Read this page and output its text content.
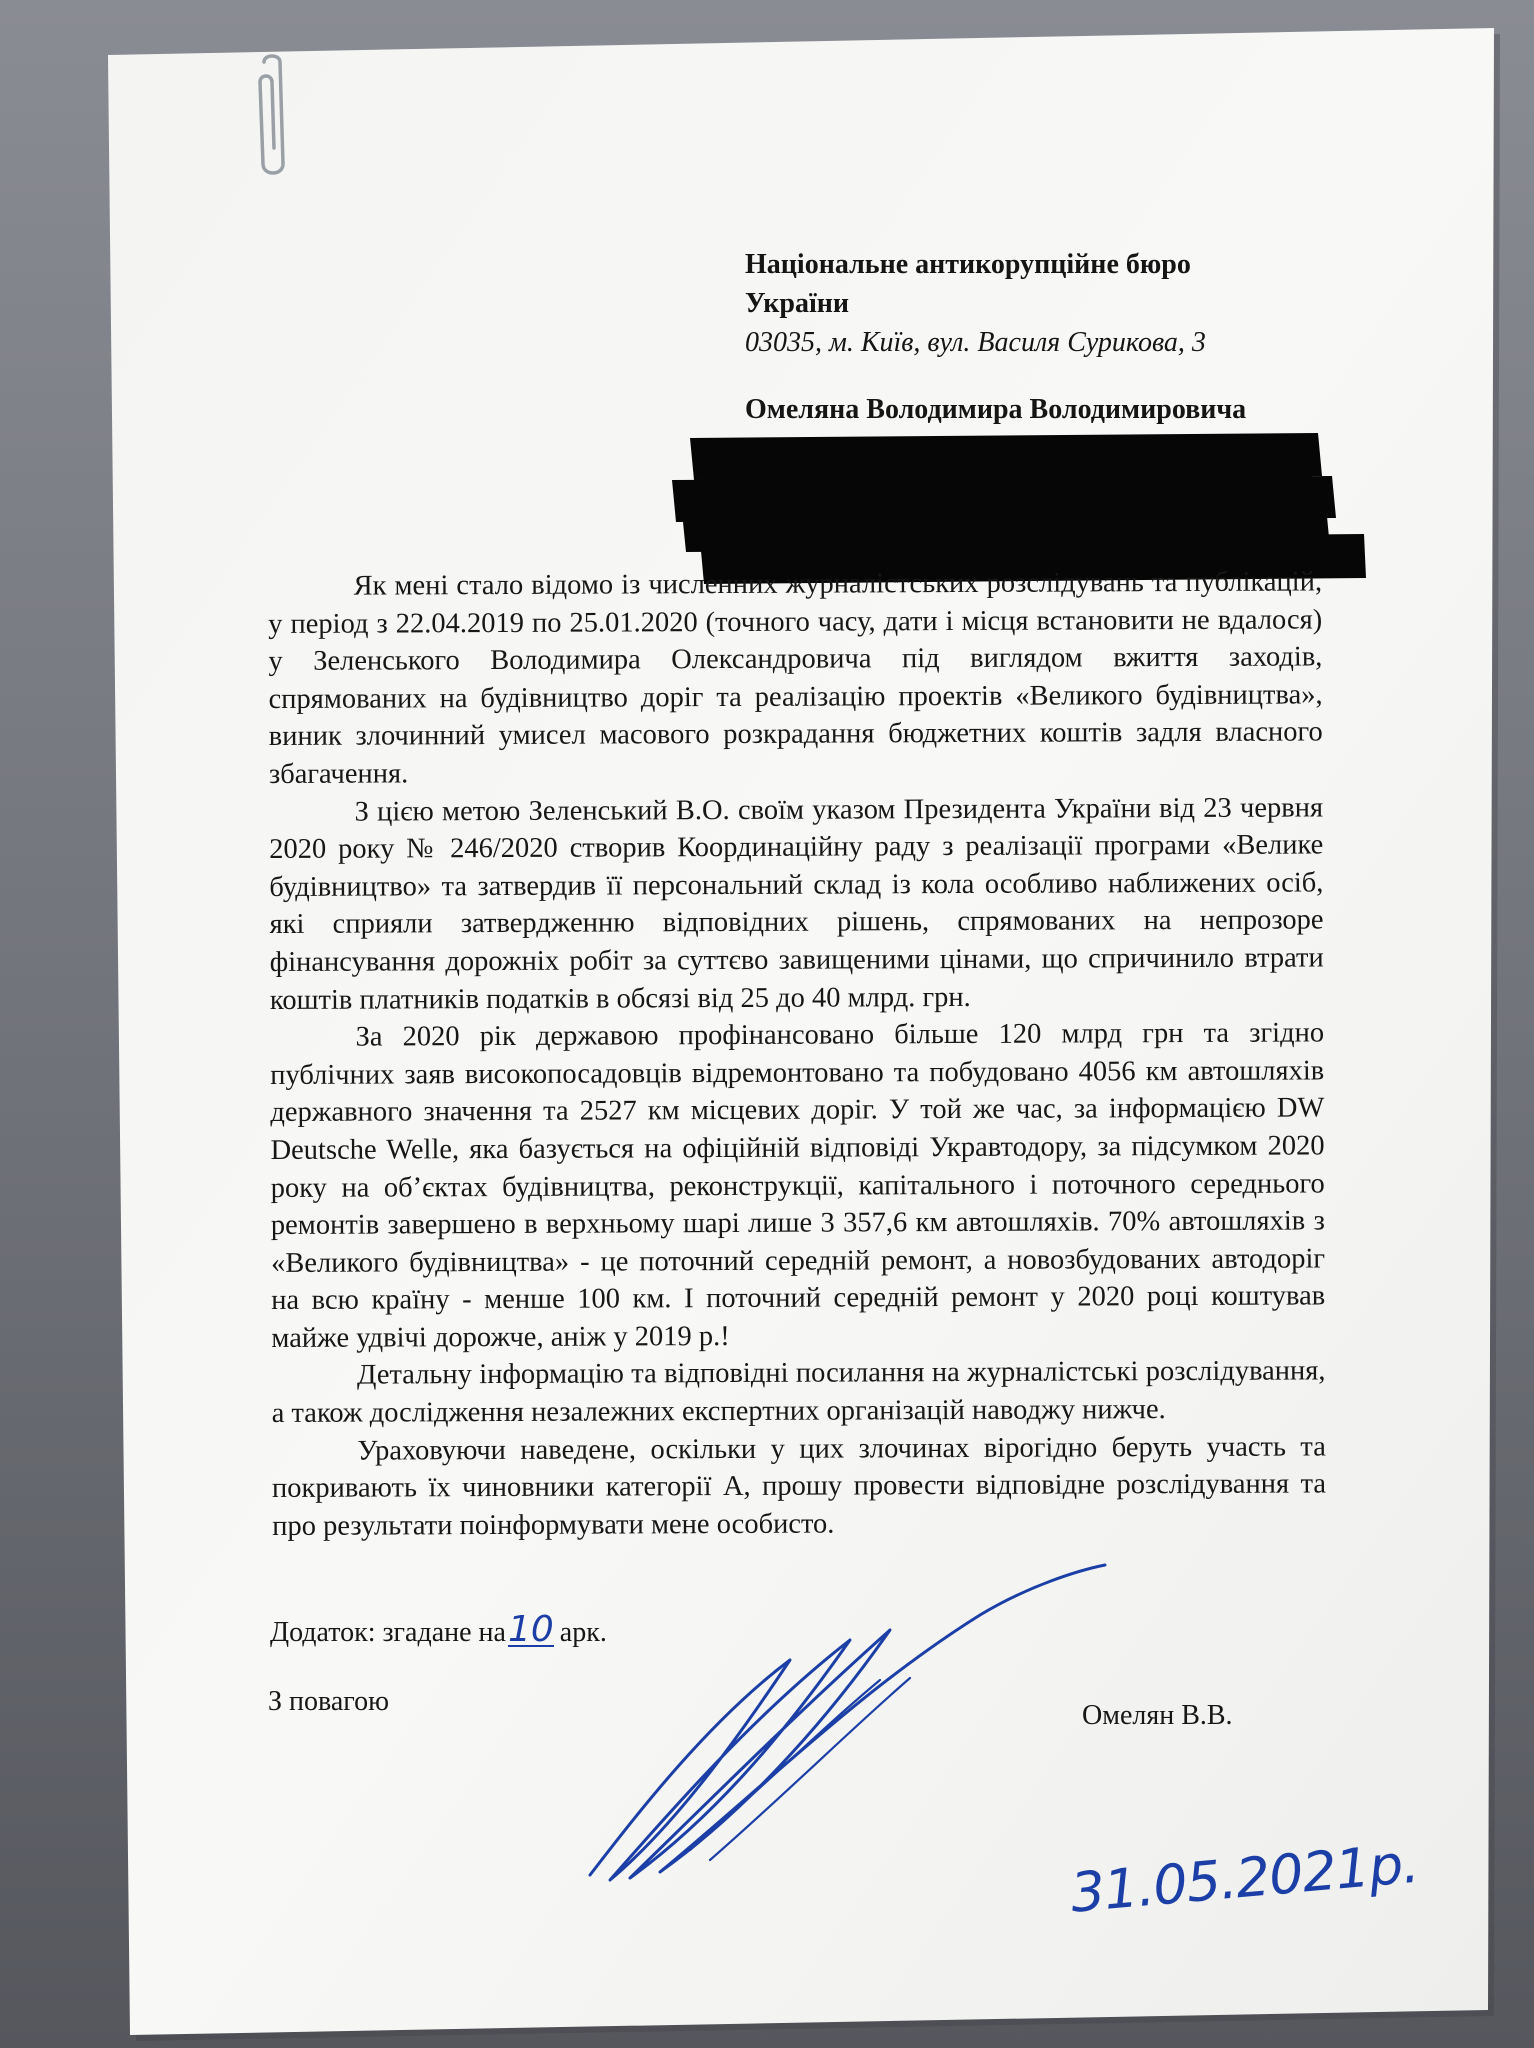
Національне антикорупційне бюро
України
03035, м. Київ, вул. Василя Сурикова, 3
Омеляна Володимира Володимировича

Як мені стало відомо із численних журналістських розслідувань та публікацій, у період з 22.04.2019 по 25.01.2020 (точного часу, дати і місця встановити не вдалося) у Зеленського Володимира Олександровича під виглядом вжиття заходів, спрямованих на будівництво доріг та реалізацію проектів «Великого будівництва», виник злочинний умисел масового розкрадання бюджетних коштів задля власного збагачення.

З цією метою Зеленський В.О. своїм указом Президента України від 23 червня 2020 року № 246/2020 створив Координаційну раду з реалізації програми «Велике будівництво» та затвердив її персональний склад із кола особливо наближених осіб, які сприяли затвердженню відповідних рішень, спрямованих на непрозоре фінансування дорожніх робіт за суттєво завищеними цінами, що спричинило втрати коштів платників податків в обсязі від 25 до 40 млрд. грн.

За 2020 рік державою профінансовано більше 120 млрд грн та згідно публічних заяв високопосадовців відремонтовано та побудовано 4056 км автошляхів державного значення та 2527 км місцевих доріг. У той же час, за інформацією DW Deutsche Welle, яка базується на офіційній відповіді Укравтодору, за підсумком 2020 року на об’єктах будівництва, реконструкції, капітального і поточного середнього ремонтів завершено в верхньому шарі лише 3 357,6 км автошляхів. 70% автошляхів з «Великого будівництва» - це поточний середній ремонт, а новозбудованих автодоріг на всю країну - менше 100 км. І поточний середній ремонт у 2020 році коштував майже удвічі дорожче, аніж у 2019 р.!

Детальну інформацію та відповідні посилання на журналістські розслідування, а також дослідження незалежних експертних організацій наводжу нижче.

Ураховуючи наведене, оскільки у цих злочинах вірогідно беруть участь та покривають їх чиновники категорії А, прошу провести відповідне розслідування та про результати поінформувати мене особисто.

Додаток: згадане на10 арк.
З повагою	Омелян В.В.
31.05.2021р.
